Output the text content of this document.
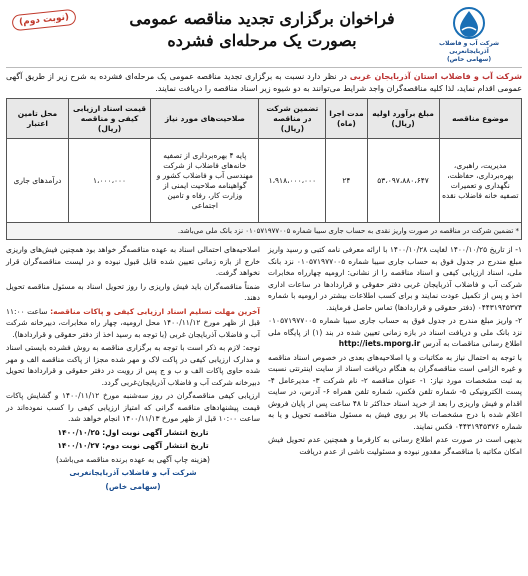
شرکت آب و فاضلاب آذربایجانغربی
(سهامی خاص)
فراخوان برگزاری تجدید مناقصه عمومی
بصورت یک مرحله‌ای فشرده
(نوبت دوم)
شرکت آب و فاضلاب استان آذربایجان غربی در نظر دارد نسبت به برگزاری تجدید مناقصه عمومی یک مرحله‌ای فشرده به شرح زیر از طریق آگهی عمومی اقدام نماید، لذا کلیه مناقصه‌گران واجد شرایط می‌توانند به دو شیوه زیر اسناد مناقصه را دریافت نمایند.
موضوع مناقصه	مبلغ برآورد اولیه (ریال)	مدت اجرا (ماه)	تضمین شرکت در مناقصه (ریال)	صلاحیت‌های مورد نیاز	قیمت اسناد ارزیابی کیفی و مناقصه (ریال)	محل تامین اعتبار
مدیریت، راهبری، بهره‌برداری، حفاظت، نگهداری و تعمیرات تصفیه خانه فاضلاب نقده	۵۳،۰۹۷،۸۸۰،۶۴۷	۲۴	۱،۹۱۸،۰۰۰،۰۰۰	پایه ۴ بهره‌برداری از تصفیه خانه‌های فاضلاب از شرکت مهندسی آب و فاضلاب کشور و گواهینامه صلاحیت ایمنی از وزارت کار، رفاه و تامین اجتماعی	۱،۰۰۰،۰۰۰	درآمدهای جاری
* تضمین شرکت در مناقصه در صورت واریز نقدی به حساب جاری سیبا شماره ۰۱۰۵۷۱۹۷۷۰۰۵ نزد بانک ملی می‌باشد.						

۱- از تاریخ ۱۴۰۰/۱۰/۲۵ لغایت ۱۴۰۰/۱۰/۲۸ با ارائه معرفی نامه کتبی و رسید واریز مبلغ مندرج در جدول فوق به حساب جاری سیبا شماره ۰۱۰۵۷۱۹۷۷۰۰۵ نزد بانک ملی، اسناد ارزیابی کیفی و اسناد مناقصه را از نشانی: ارومیه چهارراه مخابرات شرکت آب و فاضلاب آذربایجان غربی دفتر حقوقی و قراردادها در ساعات اداری اخذ و پس از تکمیل عودت نمایند و برای کسب اطلاعات بیشتر در ارومیه با شماره ۰۴۴۳۱۹۴۵۳۷۴ (دفتر حقوقی و قراردادها) تماس حاصل فرمایند.

۲- واریز مبلغ مندرج در جدول فوق به حساب جاری سیبا شماره ۰۱۰۵۷۱۹۷۷۰۰۵ نزد بانک ملی و دریافت اسناد در بازه زمانی تعیین شده در بند (۱) از پایگاه ملی اطلاع رسانی مناقصات به آدرس http://iets.mporg.ir

با توجه به احتمال نیاز به مکاتبات و یا اصلاحیه‌های بعدی در خصوص اسناد مناقصه و غیره الزامی است مناقصه‌گران به هنگام دریافت اسناد از سایت اینترنتی نسبت به ثبت مشخصات مورد نیاز: ۱- عنوان مناقصه ۲- نام شرکت ۳- مدیرعامل ۴- پست الکترونیکی ۵- شماره تلفن فکس، شماره تلفن همراه ۶- آدرس، در سایت اقدام و فیش واریزی را بعد از خرید اسناد حداکثر تا ۴۸ ساعت پس از پایان فروش اعلام شده با درج مشخصات بالا بر روی فیش به مسئول مناقصه تحویل و یا به شماره ۰۴۴۳۱۹۴۵۳۷۶ فکس نمایند.

بدیهی است در صورت عدم اطلاع رسانی به کارفرما و همچنین عدم تحویل فیش امکان مکاتبه با مناقصه‌گر مقدور نبوده و مسئولیت ناشی از عدم دریافت

اصلاحیه‌های احتمالی اسناد به عهده مناقصه‌گر خواهد بود همچنین فیش‌های واریزی خارج از بازه زمانی تعیین شده قابل قبول نبوده و در لیست مناقصه‌گران قرار نخواهد گرفت.

ضمناً مناقصه‌گران باید فیش واریزی را روز تحویل اسناد به مسئول مناقصه تحویل دهند.

آخرین مهلت تسلیم اسناد ارزیابی کیفی و پاکات مناقصه: ساعت ۱۱:۰۰ قبل از ظهر مورخ ۱۴۰۰/۱۱/۱۲ محل ارومیه، چهار راه مخابرات، دبیرخانه شرکت آب و فاضلاب آذربایجان غربی (با توجه به رسید اخذ از دفتر حقوقی و قراردادها).

توجه: لازم به ذکر است با توجه به برگزاری مناقصه به روش فشرده بایستی اسناد و مدارک ارزیابی کیفی در پاکت لاک و مهر شده مجزا از پاکت مناقصه الف و مهر شده حاوی پاکات الف و ب و ج پس از رویت در دفتر حقوقی و قراردادها تحویل دبیرخانه شرکت آب و فاضلاب آذربایجان‌غربی گردد.

ارزیابی کیفی مناقصه‌گران در روز سه‌شنبه مورخ ۱۴۰۰/۱۱/۱۲ و گشایش پاکات قیمت پیشنهادهای مناقصه گرانی که امتیاز ارزیابی کیفی را کسب نموده‌اند در ساعت ۱۰:۰۰ قبل از ظهر مورخ ۱۴۰۰/۱۱/۱۳ انجام خواهد شد.

تاریخ انتشار آگهی نوبت اول: ۱۴۰۰/۱۰/۲۵

تاریخ انتشار آگهی نوبت دوم: ۱۴۰۰/۱۰/۲۷

(هزینه چاپ آگهی به عهده برنده مناقصه می‌باشد)

شرکت آب و فاضلاب آذربایجانغربی
(سهامی خاص)
